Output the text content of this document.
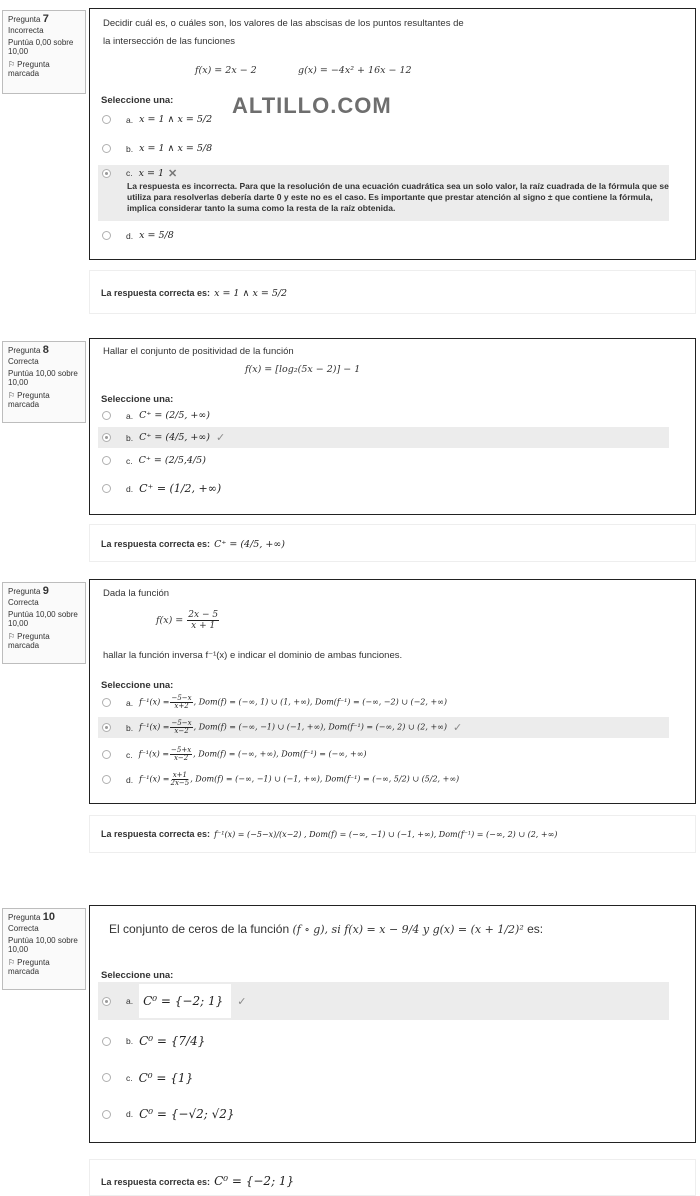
Pregunta 7
Incorrecta
Puntúa 0,00 sobre 10,00
⚐ Pregunta marcada
Decidir cuál es, o cuáles son, los valores de las abscisas de los puntos resultantes de
la intersección de las funciones
f(x) = 2x − 2	g(x) = −4x² + 16x − 12
Seleccione una:
a. x = 1 ∧ x = 5/2
b. x = 1 ∧ x = 5/8
c. x = 1 ✕
La respuesta es incorrecta. Para que la resolución de una ecuación cuadrática sea un solo valor, la raíz cuadrada de la fórmula que se utiliza para resolverlas debería darte 0 y este no es el caso. Es importante que prestar atención al signo ± que contiene la fórmula, implica considerar tanto la suma como la resta de la raíz obtenida.
d. x = 5/8
La respuesta correcta es: x = 1 ∧ x = 5/2
ALTILLO.COM
Pregunta 8
Correcta
Puntúa 10,00 sobre 10,00
⚐ Pregunta marcada
Hallar el conjunto de positividad de la función
f(x) = [log₂(5x − 2)] − 1
Seleccione una:
a. C⁺ = (2/5, +∞)
b. C⁺ = (4/5, +∞) ✓
c. C⁺ = (2/5,4/5)
d. C⁺ = (1/2, +∞)
La respuesta correcta es: C⁺ = (4/5, +∞)
Pregunta 9
Correcta
Puntúa 10,00 sobre 10,00
⚐ Pregunta marcada
Dada la función
$f(x) = \frac{2x - 5}{x + 1}$
hallar la función inversa f⁻¹(x) e indicar el dominio de ambas funciones.
Seleccione una:
a. $f^{-1}(x) = \frac{-5-x}{x+2}$ , Dom(f) = (−∞, 1) ∪ (1, +∞), Dom(f⁻¹) = (−∞, −2) ∪ (−2, +∞)
b. $f^{-1}(x) = \frac{-5-x}{x-2}$ , Dom(f) = (−∞, −1) ∪ (−1, +∞), Dom(f⁻¹) = (−∞, 2) ∪ (2, +∞) ✓
c. $f^{-1}(x) = \frac{-5+x}{x-2}$ , Dom(f) = (−∞, +∞), Dom(f⁻¹) = (−∞, +∞)
d. $f^{-1}(x) = \frac{x+1}{2x-5}$ , Dom(f) = (−∞, −1) ∪ (−1, +∞), Dom(f⁻¹) = (−∞, 5/2) ∪ (5/2, +∞)
La respuesta correcta es: f⁻¹(x) = (−5−x)/(x−2) , Dom(f) = (−∞, −1) ∪ (−1, +∞), Dom(f⁻¹) = (−∞, 2) ∪ (2, +∞)
Pregunta 10
Correcta
Puntúa 10,00 sobre 10,00
⚐ Pregunta marcada
El conjunto de ceros de la función (f ∘ g), si f(x) = x − 9/4 y g(x) = (x + 1/2)² es:
Seleccione una:
a. C⁰ = {−2; 1} ✓
b. C⁰ = {7/4}
c. C⁰ = {1}
d. C⁰ = {−√2; √2}
La respuesta correcta es: C⁰ = {−2; 1}
